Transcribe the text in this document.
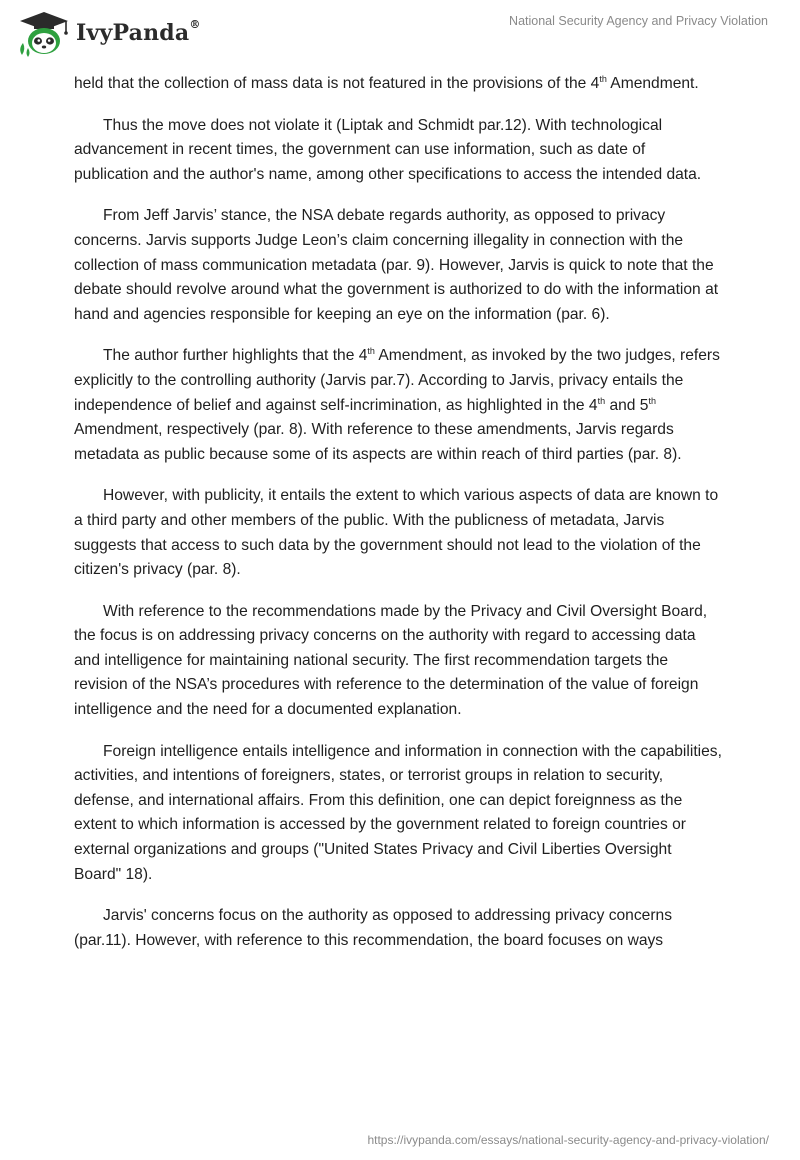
IvyPanda®	National Security Agency and Privacy Violation

held that the collection of mass data is not featured in the provisions of the 4th Amendment.

Thus the move does not violate it (Liptak and Schmidt par.12). With technological advancement in recent times, the government can use information, such as date of publication and the author's name, among other specifications to access the intended data.

From Jeff Jarvis’ stance, the NSA debate regards authority, as opposed to privacy concerns. Jarvis supports Judge Leon’s claim concerning illegality in connection with the collection of mass communication metadata (par. 9). However, Jarvis is quick to note that the debate should revolve around what the government is authorized to do with the information at hand and agencies responsible for keeping an eye on the information (par. 6).

The author further highlights that the 4th Amendment, as invoked by the two judges, refers explicitly to the controlling authority (Jarvis par.7). According to Jarvis, privacy entails the independence of belief and against self-incrimination, as highlighted in the 4th and 5th Amendment, respectively (par. 8). With reference to these amendments, Jarvis regards metadata as public because some of its aspects are within reach of third parties (par. 8).

However, with publicity, it entails the extent to which various aspects of data are known to a third party and other members of the public. With the publicness of metadata, Jarvis suggests that access to such data by the government should not lead to the violation of the citizen's privacy (par. 8).

With reference to the recommendations made by the Privacy and Civil Oversight Board, the focus is on addressing privacy concerns on the authority with regard to accessing data and intelligence for maintaining national security. The first recommendation targets the revision of the NSA’s procedures with reference to the determination of the value of foreign intelligence and the need for a documented explanation.

Foreign intelligence entails intelligence and information in connection with the capabilities, activities, and intentions of foreigners, states, or terrorist groups in relation to security, defense, and international affairs. From this definition, one can depict foreignness as the extent to which information is accessed by the government related to foreign countries or external organizations and groups ("United States Privacy and Civil Liberties Oversight Board" 18).

Jarvis' concerns focus on the authority as opposed to addressing privacy concerns (par.11). However, with reference to this recommendation, the board focuses on ways

https://ivypanda.com/essays/national-security-agency-and-privacy-violation/
